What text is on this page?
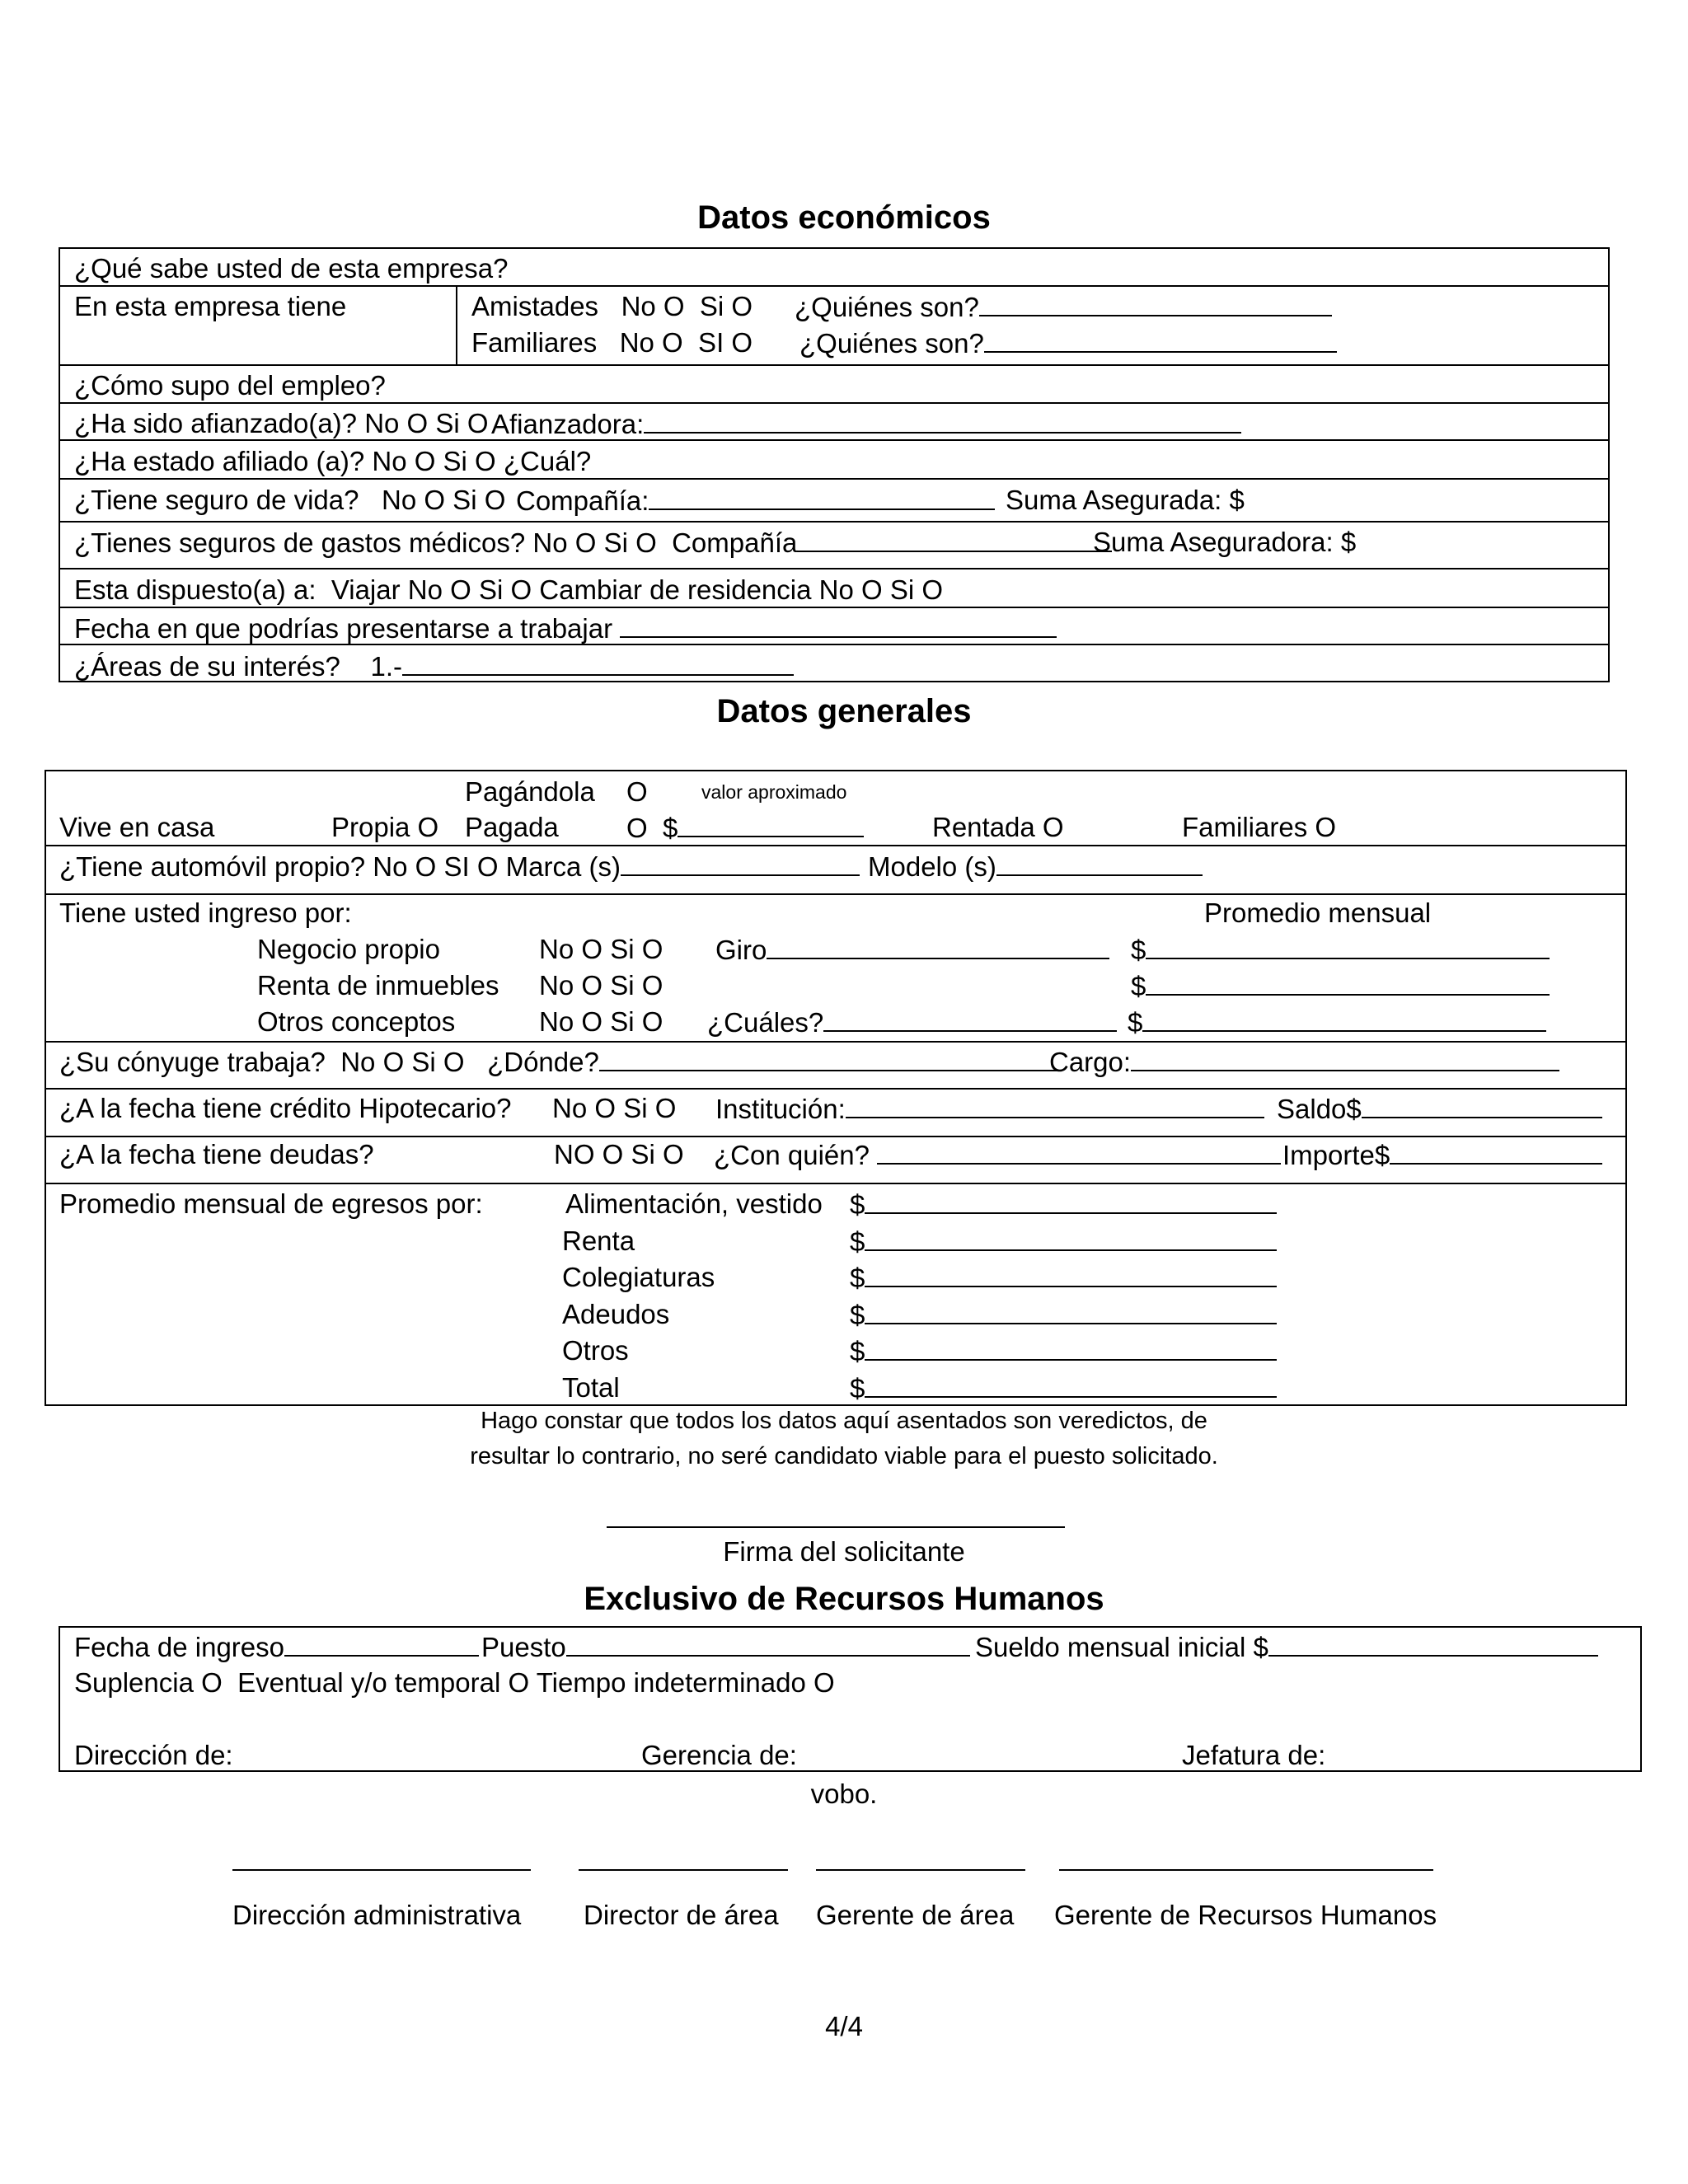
Datos económicos
¿Qué sabe usted de esta empresa?
En esta empresa tiene	Amistades   No O  Si O ¿Quiénes son?
Familiares   No O  SI O ¿Quiénes son?
¿Cómo supo del empleo?
¿Ha sido afianzado(a)? No O Si O Afianzadora:
¿Ha estado afiliado (a)? No O Si O ¿Cuál?
¿Tiene seguro de vida?   No O Si O Compañía:	Suma Asegurada: $
¿Tienes seguros de gastos médicos? No O Si O  Compañía	Suma Aseguradora: $
Esta dispuesto(a) a:  Viajar No O Si O Cambiar de residencia No O Si O
Fecha en que podrías presentarse a trabajar
¿Áreas de su interés?    1.-
Datos generales
Pagándola O	valor aproximado
Vive en casa	Propia O Pagada O  $	Rentada O	Familiares O
¿Tiene automóvil propio? No O SI O Marca (s)	Modelo (s)
Tiene usted ingreso por:	Promedio mensual
Negocio propio	No O Si O Giro	$
Renta de inmuebles No O Si O	$
Otros conceptos	No O Si O ¿Cuáles?	$
¿Su cónyuge trabaja?  No O Si O   ¿Dónde?	Cargo:
¿A la fecha tiene crédito Hipotecario? No O Si O Institución:	Saldo$
¿A la fecha tiene deudas?	NO O Si O ¿Con quién?	Importe$
Promedio mensual de egresos por:	Alimentación, vestido $
Renta	$
Colegiaturas	$
Adeudos	$
Otros	$
Total	$
Hago constar que todos los datos aquí asentados son veredictos, de
resultar lo contrario, no seré candidato viable para el puesto solicitado.
Firma del solicitante
Exclusivo de Recursos Humanos
Fecha de ingreso	Puesto	Sueldo mensual inicial $
Suplencia O  Eventual y/o temporal O Tiempo indeterminado O
Dirección de:	Gerencia de:	Jefatura de:
vobo.
Dirección administrativa Director de área Gerente de área Gerente de Recursos Humanos
4/4
